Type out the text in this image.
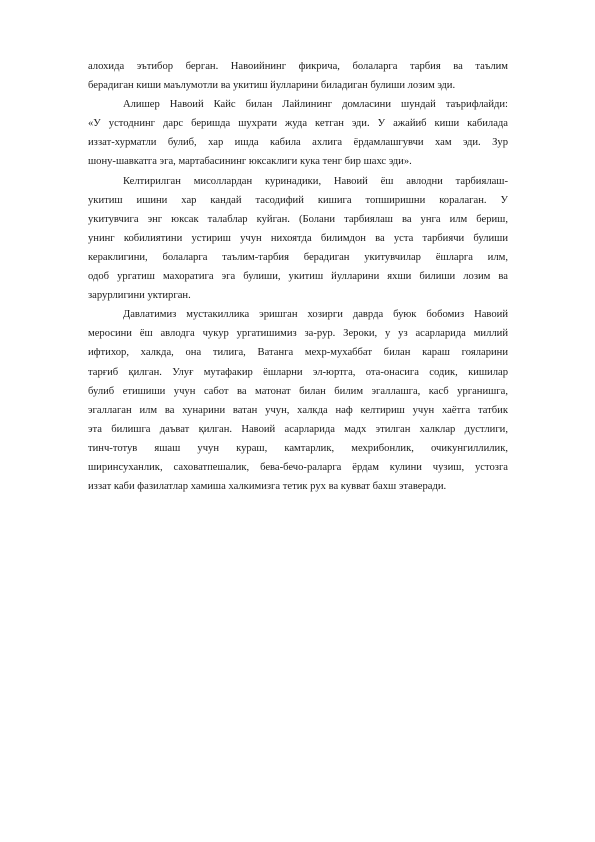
алохида эътибор берган. Навоийнинг фикрича, болаларга тарбия ва таълим
берадиган киши маълумотли ва укитиш йулларини биладиган булиши лозим эди.
Алишер Навоий Кайс билан Лайлининг домласини шундай таърифлайди:
«У устоднинг дарс беришда шухрати жуда кетган эди. У ажайиб киши кабилада
иззат-хурматли булиб, хар ишда кабила ахлига ёрдамлашгувчи хам эди. Зур
шону-шавкатга эга, мартабасининг юксаклиги кука тенг бир шахс эди».
Келтирилган мисоллардан куринадики, Навоий ёш авлодни тарбиялаш-
укитиш ишини хар кандай тасодифий кишига топширишни коралаган. У
укитувчига энг юксак талаблар куйган. (Болани тарбиялаш ва унга илм бериш,
унинг кобилиятини устириш учун нихоятда билимдон ва уста тарбиячи булиши
кераклигини, болаларга таълим-тарбия берадиган укитувчилар ёшларга илм,
одоб ургатиш махоратига эга булиши, укитиш йулларини яхши билиши лозим ва
зарурлигини уктирган.
Давлатимиз мустакиллика эришган хозирги даврда буюк бобомиз Навоий
меросини ёш авлодга чукур ургатишимиз за-рур. Зероки, у уз асарларида миллий
ифтихор, халкда, она тилига, Ватанга мехр-мухаббат билан караш гояларини
тарғиб қилган. Улуғ мутафакир ёшларни эл-юртга, ота-онасига содик, кишилар
булиб етишиши учун сабот ва матонат билан билим эгаллашга, касб урганишга,
эгаллаган илм ва хунарини ватан учун, халкда наф келтириш учун хаётга татбик
эта билишга даъват қилган. Навоий асарларида мадх этилган халклар дустлиги,
тинч-тотув яшаш учун кураш, камтарлик, мехрибонлик, очикунгиллилик,
ширинсуханлик, саховатпешалик, бева-бечо-раларга ёрдам кулини чузиш, устозга
иззат каби фазилатлар хамиша халкимизга тетик рух ва кувват бахш этаверади.
